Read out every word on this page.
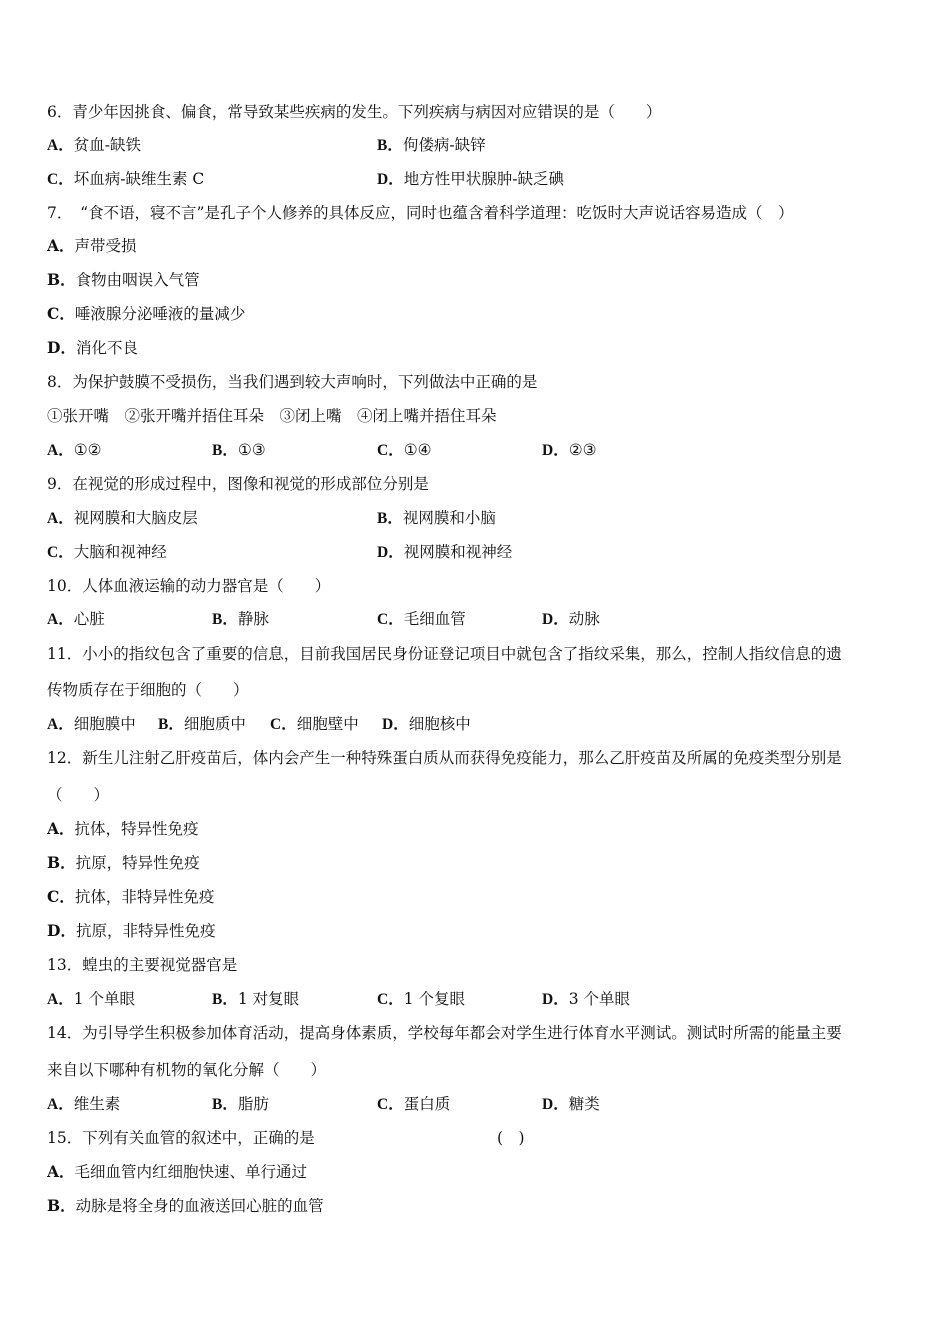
6．青少年因挑食、偏食，常导致某些疾病的发生。下列疾病与病因对应错误的是（　　）
A．贫血-缺铁	B．佝偻病-缺锌
C．坏血病-缺维生素 C	D．地方性甲状腺肿-缺乏碘
7．　“食不语，寝不言”是孔子个人修养的具体反应，同时也蕴含着科学道理：吃饭时大声说话容易造成（　）
A．声带受损
B．食物由咽误入气管
C．唾液腺分泌唾液的量减少
D．消化不良
8．为保护鼓膜不受损伤，当我们遇到较大声响时，下列做法中正确的是
①张开嘴　②张开嘴并捂住耳朵　③闭上嘴　④闭上嘴并捂住耳朵
A．①②	B．①③	C．①④	D．②③
9．在视觉的形成过程中，图像和视觉的形成部位分别是
A．视网膜和大脑皮层	B．视网膜和小脑
C．大脑和视神经	D．视网膜和视神经
10．人体血液运输的动力器官是（　　）
A．心脏	B．静脉	C．毛细血管	D．动脉
11．小小的指纹包含了重要的信息，目前我国居民身份证登记项目中就包含了指纹采集，那么，控制人指纹信息的遗
传物质存在于细胞的（　　）
A．细胞膜中 B．细胞质中 C．细胞壁中 D．细胞核中
12．新生儿注射乙肝疫苗后，体内会产生一种特殊蛋白质从而获得免疫能力，那么乙肝疫苗及所属的免疫类型分别是
（　　）
A．抗体，特异性免疫
B．抗原，特异性免疫
C．抗体，非特异性免疫
D．抗原，非特异性免疫
13．蝗虫的主要视觉器官是
A．1 个单眼	B．1 对复眼	C．1 个复眼	D．3 个单眼
14．为引导学生积极参加体育活动，提高身体素质，学校每年都会对学生进行体育水平测试。测试时所需的能量主要
来自以下哪种有机物的氧化分解（　　）
A．维生素	B．脂肪	C．蛋白质	D．糖类
15．下列有关血管的叙述中，正确的是	(　)
A．毛细血管内红细胞快速、单行通过
B．动脉是将全身的血液送回心脏的血管
